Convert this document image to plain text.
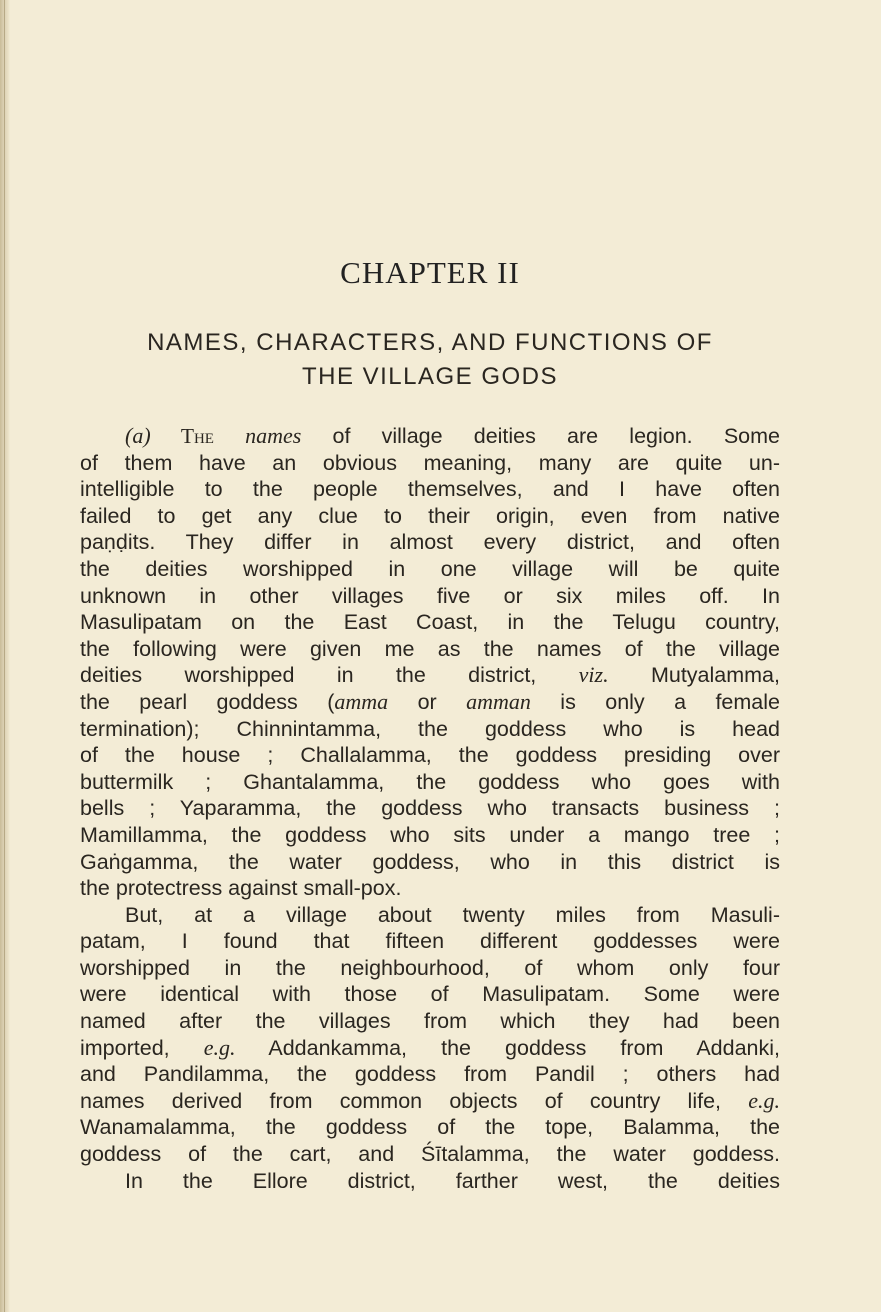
CHAPTER II
NAMES, CHARACTERS, AND FUNCTIONS OF
THE VILLAGE GODS
(a) The names of village deities are legion. Some
of them have an obvious meaning, many are quite un-
intelligible to the people themselves, and I have often
failed to get any clue to their origin, even from native
paṇḍits. They differ in almost every district, and often
the deities worshipped in one village will be quite
unknown in other villages five or six miles off. In
Masulipatam on the East Coast, in the Telugu country,
the following were given me as the names of the village
deities worshipped in the district, viz. Mutyalamma,
the pearl goddess (amma or amman is only a female
termination); Chinnintamma, the goddess who is head
of the house ; Challalamma, the goddess presiding over
buttermilk ; Ghantalamma, the goddess who goes with
bells ; Yaparamma, the goddess who transacts business ;
Mamillamma, the goddess who sits under a mango tree ;
Gaṅgamma, the water goddess, who in this district is
the protectress against small-pox.
But, at a village about twenty miles from Masuli-
patam, I found that fifteen different goddesses were
worshipped in the neighbourhood, of whom only four
were identical with those of Masulipatam. Some were
named after the villages from which they had been
imported, e.g. Addankamma, the goddess from Addanki,
and Pandilamma, the goddess from Pandil ; others had
names derived from common objects of country life, e.g.
Wanamalamma, the goddess of the tope, Balamma, the
goddess of the cart, and Śītalamma, the water goddess.
In the Ellore district, farther west, the deities
